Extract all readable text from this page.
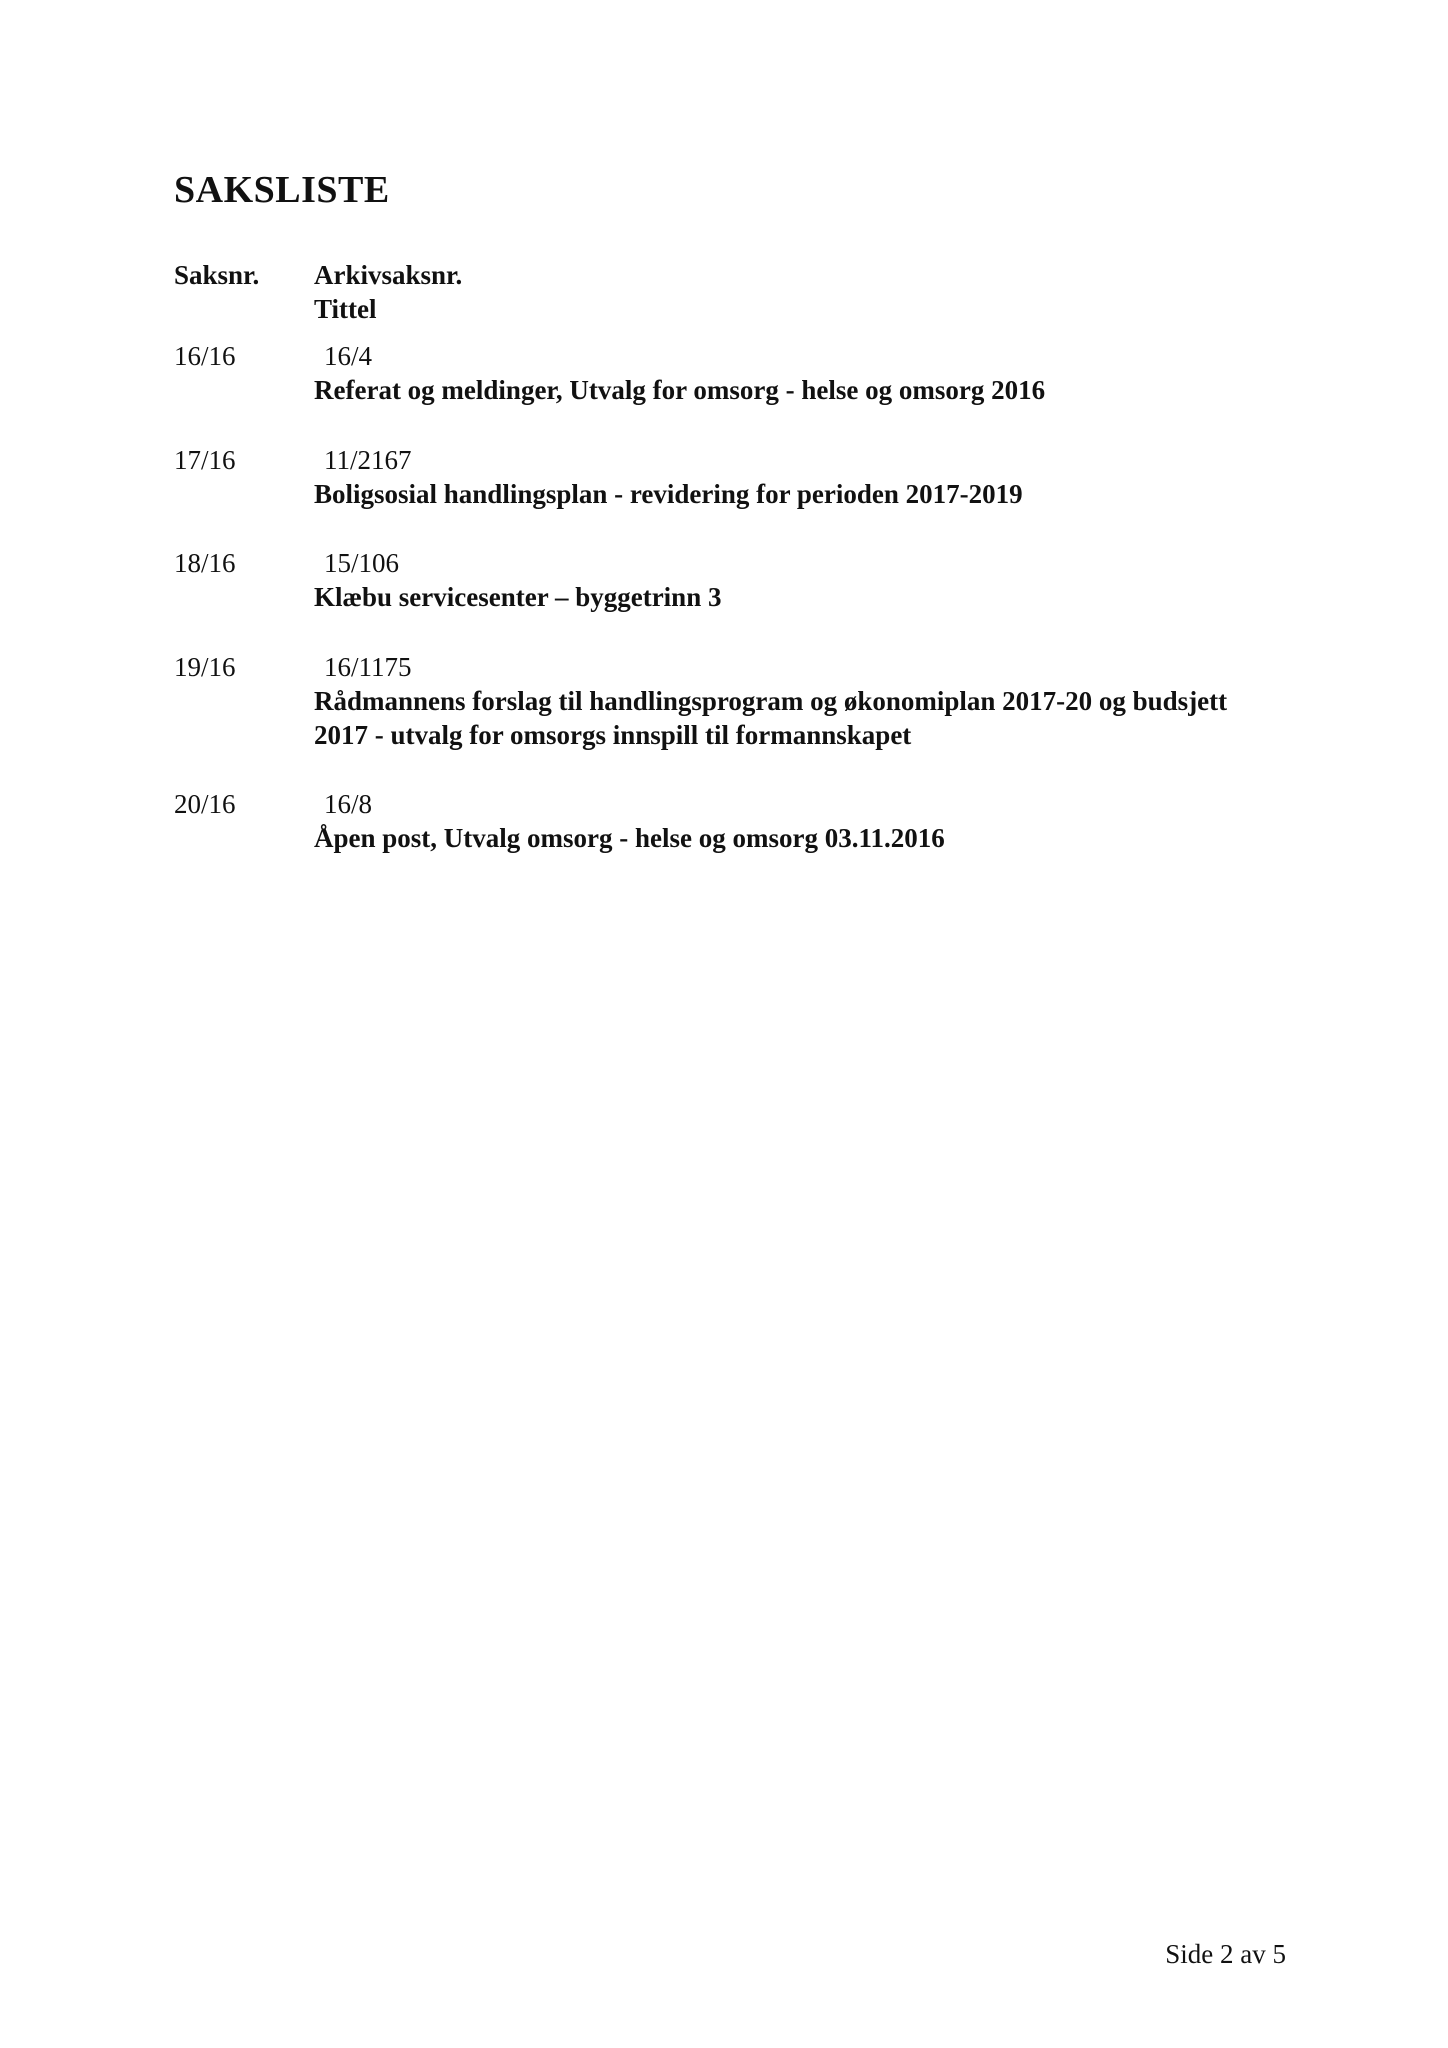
SAKSLISTE
Saksnr. Arkivsaksnr.
Tittel
16/16	16/4
Referat og meldinger, Utvalg for omsorg - helse og omsorg 2016
17/16	11/2167
Boligsosial handlingsplan - revidering for perioden 2017-2019
18/16	15/106
Klæbu servicesenter – byggetrinn 3
19/16	16/1175
Rådmannens forslag til handlingsprogram og økonomiplan 2017-20 og budsjett 2017 - utvalg for omsorgs innspill til formannskapet
20/16	16/8
Åpen post, Utvalg omsorg - helse og omsorg 03.11.2016
Side 2 av 5
